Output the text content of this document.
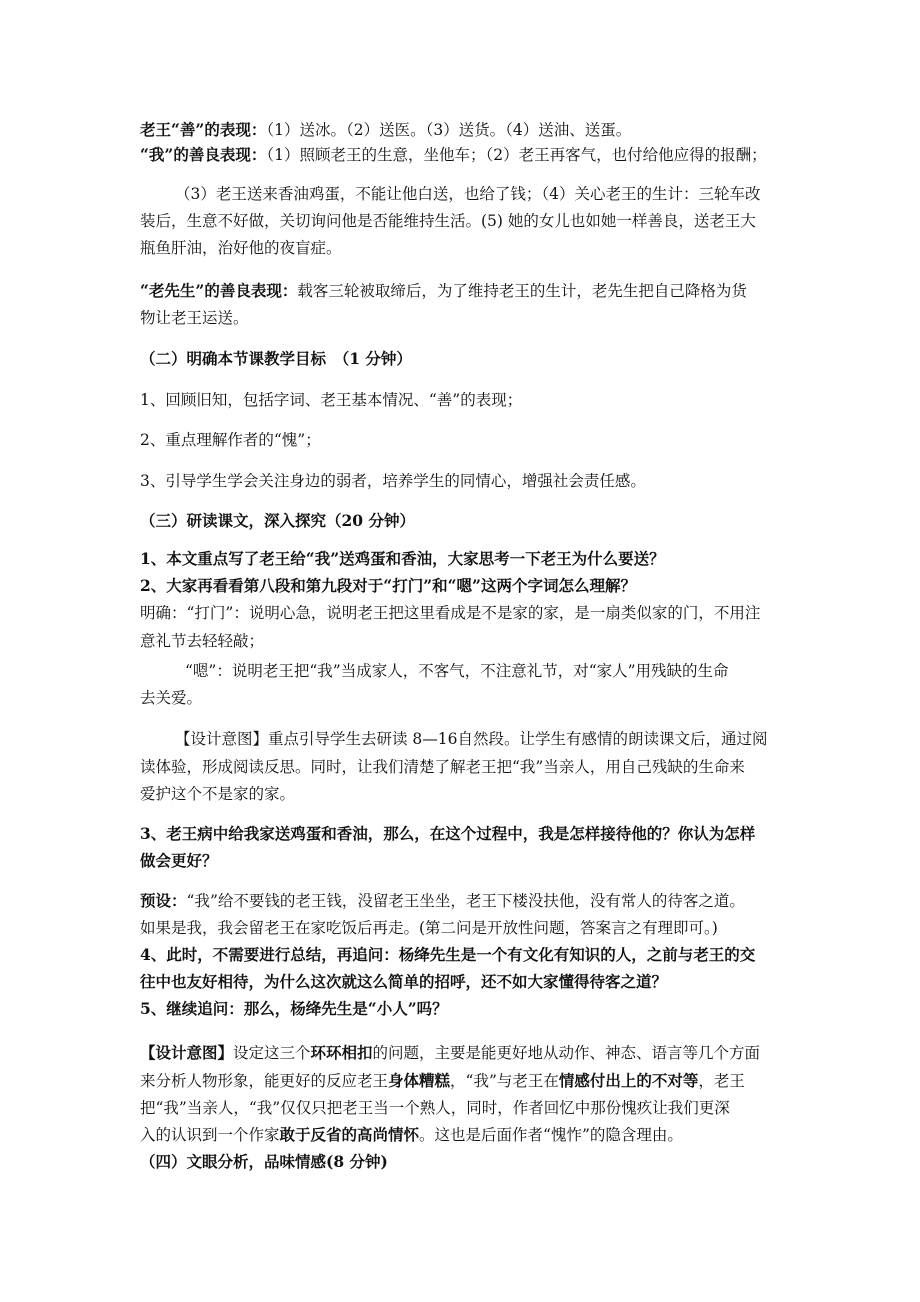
老王“善”的表现：（1）送冰。（2）送医。（3）送货。（4）送油、送蛋。
“我”的善良表现：（1）照顾老王的生意，坐他车；（2）老王再客气，也付给他应得的报酬；
（3）老王送来香油鸡蛋，不能让他白送，也给了钱；（4）关心老王的生计：三轮车改
装后，生意不好做，关切询问他是否能维持生活。(5) 她的女儿也如她一样善良，送老王大
瓶鱼肝油，治好他的夜盲症。
“老先生”的善良表现：载客三轮被取缔后，为了维持老王的生计，老先生把自己降格为货
物让老王运送。
（二）明确本节课教学目标　（1 分钟）
1、回顾旧知，包括字词、老王基本情况、“善”的表现；
2、重点理解作者的“愧”；
3、引导学生学会关注身边的弱者，培养学生的同情心，增强社会责任感。
（三）研读课文，深入探究（20 分钟）
1、本文重点写了老王给“我”送鸡蛋和香油，大家思考一下老王为什么要送？
2、大家再看看第八段和第九段对于“打门”和“嗯”这两个字词怎么理解？
明确：“打门”：说明心急，说明老王把这里看成是不是家的家，是一扇类似家的门，不用注
意礼节去轻轻敲；
“嗯”：说明老王把“我”当成家人，不客气，不注意礼节，对“家人”用残缺的生命
去关爱。
【设计意图】重点引导学生去研读 8—16自然段。让学生有感情的朗读课文后，通过阅
读体验，形成阅读反思。同时，让我们清楚了解老王把“我”当亲人，用自己残缺的生命来
爱护这个不是家的家。
3、老王病中给我家送鸡蛋和香油，那么，在这个过程中，我是怎样接待他的？你认为怎样
做会更好？
预设：“我”给不要钱的老王钱，没留老王坐坐，老王下楼没扶他，没有常人的待客之道。
如果是我，我会留老王在家吃饭后再走。(第二问是开放性问题，答案言之有理即可。)
4、此时，不需要进行总结，再追问：杨绛先生是一个有文化有知识的人，之前与老王的交
往中也友好相待，为什么这次就这么简单的招呼，还不如大家懂得待客之道？
5、继续追问：那么，杨绛先生是“小人”吗？
【设计意图】设定这三个环环相扣的问题，主要是能更好地从动作、神态、语言等几个方面
来分析人物形象，能更好的反应老王身体糟糕，“我”与老王在情感付出上的不对等，老王
把“我”当亲人，“我”仅仅只把老王当一个熟人，同时，作者回忆中那份愧疚让我们更深
入的认识到一个作家敢于反省的高尚情怀。这也是后面作者“愧怍”的隐含理由。
（四）文眼分析，品味情感(8 分钟)
